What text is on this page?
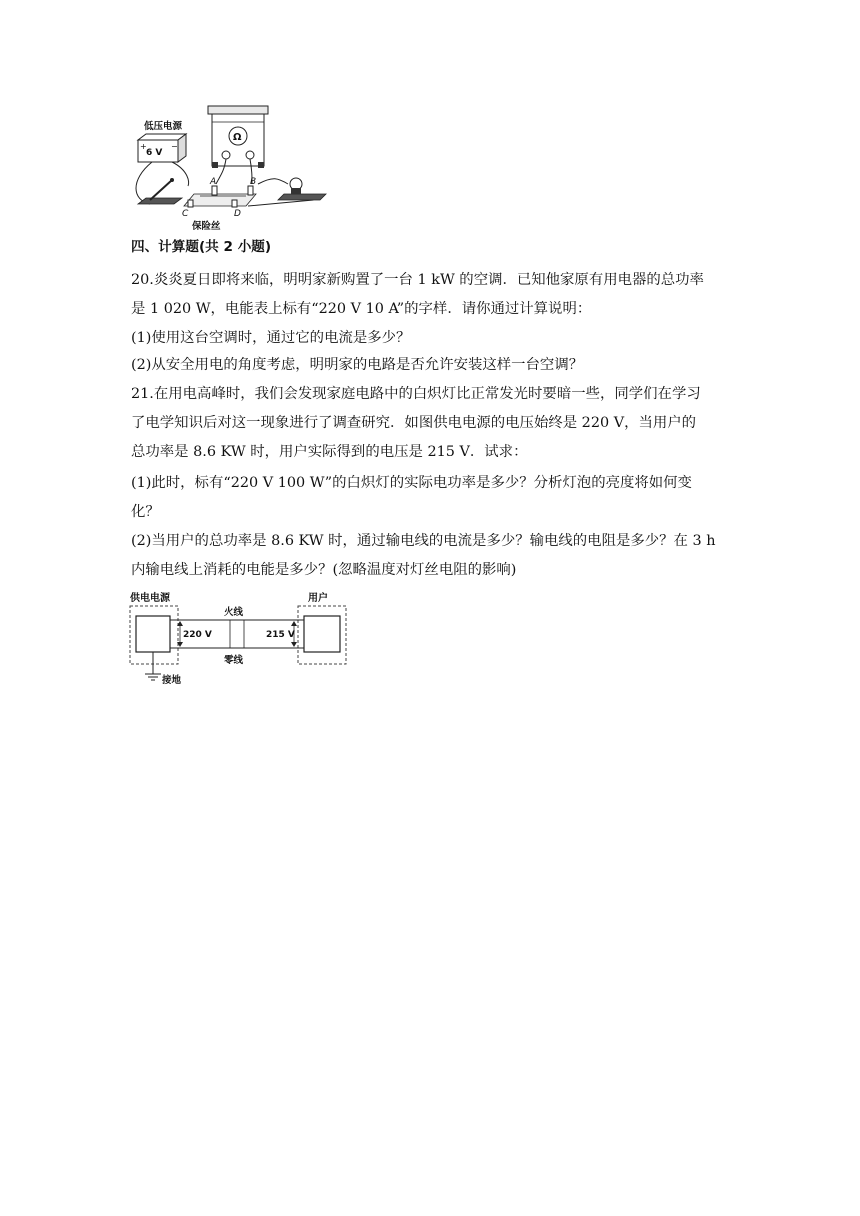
低压电源
6 V
+	−
Ω
A	B
C	D
保险丝
四、计算题(共 2 小题)
20.炎炎夏日即将来临，明明家新购置了一台 1 kW 的空调．已知他家原有用电器的总功率
是 1 020 W，电能表上标有“220 V 10 A”的字样．请你通过计算说明：
(1)使用这台空调时，通过它的电流是多少？
(2)从安全用电的角度考虑，明明家的电路是否允许安装这样一台空调？
21.在用电高峰时，我们会发现家庭电路中的白炽灯比正常发光时要暗一些，同学们在学习
了电学知识后对这一现象进行了调查研究．如图供电电源的电压始终是 220 V，当用户的
总功率是 8.6 KW 时，用户实际得到的电压是 215 V．试求：
(1)此时，标有“220 V 100 W”的白炽灯的实际电功率是多少？分析灯泡的亮度将如何变
化？
(2)当用户的总功率是 8.6 KW 时，通过输电线的电流是多少？输电线的电阻是多少？在 3 h
内输电线上消耗的电能是多少？(忽略温度对灯丝电阻的影响)
供电电源	用户
火线
零线
220 V	215 V
接地
